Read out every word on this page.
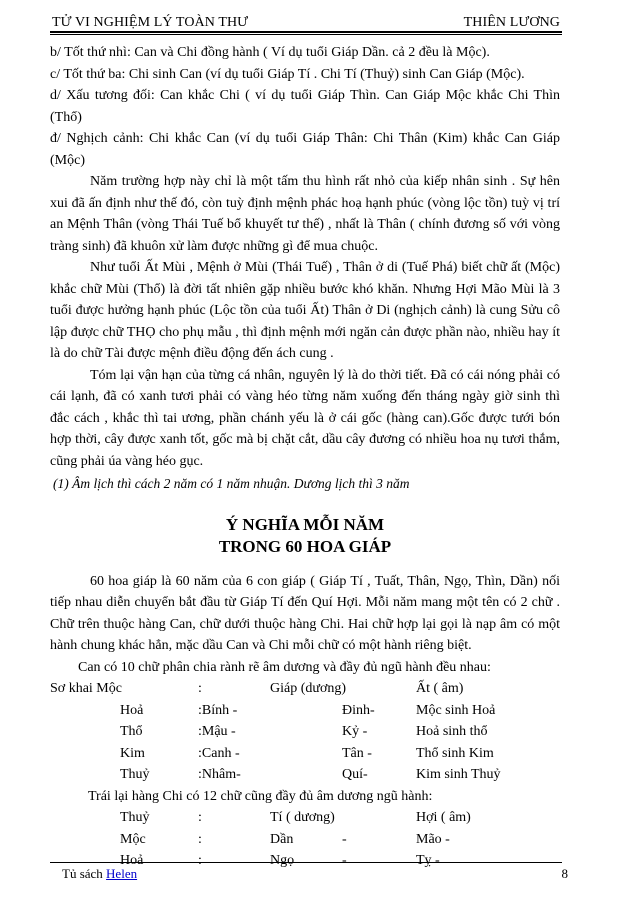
TỬ VI NGHIỆM LÝ TOÀN THƯ	THIÊN LƯƠNG

b/ Tốt thứ nhì: Can và Chi đồng hành ( Ví dụ tuổi Giáp Dần. cả 2 đều là Mộc).

c/ Tốt thứ ba: Chi sinh Can (ví dụ tuổi Giáp Tí . Chi Tí (Thuỷ) sinh Can Giáp (Mộc).

d/ Xấu tương đối: Can khắc Chi ( ví dụ tuổi Giáp Thìn. Can Giáp Mộc khắc Chi Thìn (Thổ)

đ/ Nghịch cảnh: Chi khắc Can (ví dụ tuổi Giáp Thân: Chi Thân (Kim) khắc Can Giáp (Mộc)

Năm trường hợp này chỉ là một tấm thu hình rất nhỏ của kiếp nhân sinh . Sự hên xui đã ấn định như thế đó, còn tuỳ định mệnh phác hoạ hạnh phúc (vòng lộc tồn) tuỳ vị trí an Mệnh Thân (vòng Thái Tuế bổ khuyết tư thế) , nhất là Thân ( chính đương số với vòng tràng sinh) đã khuôn xử làm được những gì để mua chuộc.

Như tuổi Ất Mùi , Mệnh ở Mùi (Thái Tuế) , Thân ở di (Tuế Phá) biết chữ ất (Mộc) khắc chữ Mùi (Thổ) là đời tất nhiên gặp nhiều bước khó khăn. Nhưng Hợi Mão Mùi là 3 tuổi được hưởng hạnh phúc (Lộc tồn của tuổi Ất) Thân ở Di (nghịch cảnh) là cung Sửu cô lập được chữ THỌ cho phụ mẫu , thì định mệnh mới ngăn cản được phần nào, nhiều hay ít là do chữ Tài được mệnh điều động đến ách cung .

Tóm lại vận hạn của từng cá nhân, nguyên lý là do thời tiết. Đã có cái nóng phải có cái lạnh, đã có xanh tươi phải có vàng héo từng năm xuống đến tháng ngày giờ sinh thì đắc cách , khắc thì tai ương, phần chánh yếu là ở cái gốc (hàng can).Gốc được tưới bón hợp thời, cây được xanh tốt, gốc mà bị chặt cắt, dầu cây đương có nhiều hoa nụ tươi thắm, cũng phải úa vàng héo gục.

(1) Âm lịch thì cách 2 năm có 1 năm nhuận. Dương lịch thì 3 năm

Ý NGHĨA MỖI NĂM
TRONG 60 HOA GIÁP

60 hoa giáp là 60 năm của 6 con giáp ( Giáp Tí , Tuất, Thân, Ngọ, Thìn, Dần) nối tiếp nhau diễn chuyển bắt đầu từ Giáp Tí đến Quí Hợi. Mỗi năm mang một tên có 2 chữ . Chữ trên thuộc hàng Can, chữ dưới thuộc hàng Chi. Hai chữ hợp lại gọi là nạp âm có một hành chung khác hẳn, mặc dầu Can và Chi mỗi chữ có một hành riêng biệt.

Can có 10 chữ phân chia rành rẽ âm dương và đầy đủ ngũ hành đều nhau:

Sơ khai Mộc	:	Giáp (dương)	Ất ( âm)
Hoả	:Bính -	Đinh-	Mộc sinh Hoả
Thổ	:Mậu -	Kỷ -	Hoả sinh thổ
Kim	:Canh -	Tân -	Thổ sinh Kim
Thuỷ	:Nhâm-	Quí-	Kim sinh Thuỷ

Trái lại hàng Chi có 12 chữ cũng đầy đủ âm dương ngũ hành:

Thuỷ	:	Tí ( dương)	Hợi ( âm)
Mộc	:	Dần	-	Mão -
Hoả	:	Ngọ	-	Tỵ -
Tủ sách Helen	8
